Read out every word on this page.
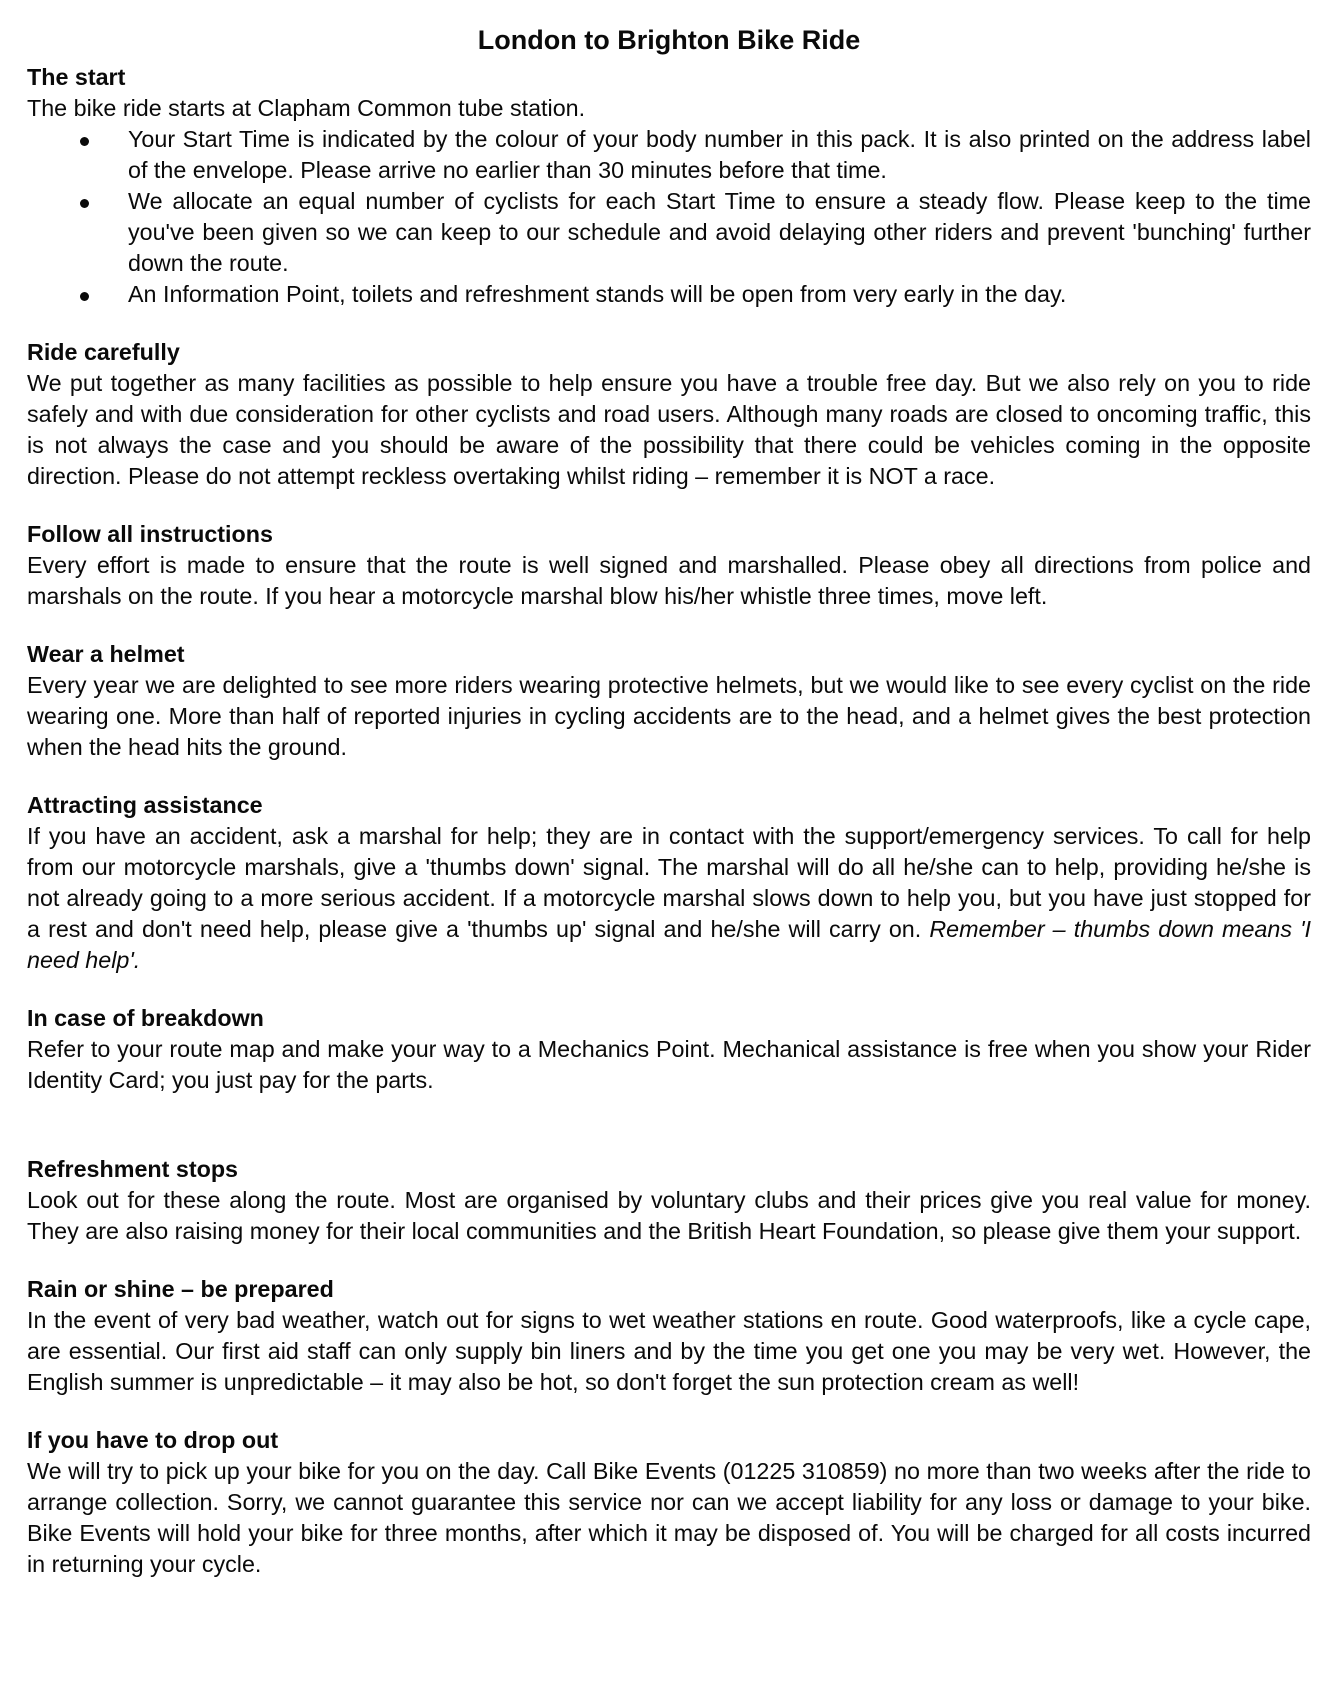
London to Brighton Bike Ride
The start

The bike ride starts at Clapham Common tube station.

Your Start Time is indicated by the colour of your body number in this pack. It is also printed on the address label of the envelope. Please arrive no earlier than 30 minutes before that time.
We allocate an equal number of cyclists for each Start Time to ensure a steady flow. Please keep to the time you've been given so we can keep to our schedule and avoid delaying other riders and prevent 'bunching' further down the route.
An Information Point, toilets and refreshment stands will be open from very early in the day.
Ride carefully

We put together as many facilities as possible to help ensure you have a trouble free day. But we also rely on you to ride safely and with due consideration for other cyclists and road users. Although many roads are closed to oncoming traffic, this is not always the case and you should be aware of the possibility that there could be vehicles coming in the opposite direction. Please do not attempt reckless overtaking whilst riding – remember it is NOT a race.

Follow all instructions

Every effort is made to ensure that the route is well signed and marshalled. Please obey all directions from police and marshals on the route. If you hear a motorcycle marshal blow his/her whistle three times, move left.

Wear a helmet

Every year we are delighted to see more riders wearing protective helmets, but we would like to see every cyclist on the ride wearing one. More than half of reported injuries in cycling accidents are to the head, and a helmet gives the best protection when the head hits the ground.

Attracting assistance

If you have an accident, ask a marshal for help; they are in contact with the support/emergency services. To call for help from our motorcycle marshals, give a 'thumbs down' signal. The marshal will do all he/she can to help, providing he/she is not already going to a more serious accident. If a motorcycle marshal slows down to help you, but you have just stopped for a rest and don't need help, please give a 'thumbs up' signal and he/she will carry on. Remember – thumbs down means 'I need help'.

In case of breakdown

Refer to your route map and make your way to a Mechanics Point. Mechanical assistance is free when you show your Rider Identity Card; you just pay for the parts.

Refreshment stops

Look out for these along the route. Most are organised by voluntary clubs and their prices give you real value for money. They are also raising money for their local communities and the British Heart Foundation, so please give them your support.

Rain or shine – be prepared

In the event of very bad weather, watch out for signs to wet weather stations en route. Good waterproofs, like a cycle cape, are essential. Our first aid staff can only supply bin liners and by the time you get one you may be very wet. However, the English summer is unpredictable – it may also be hot, so don't forget the sun protection cream as well!

If you have to drop out

We will try to pick up your bike for you on the day. Call Bike Events (01225 310859) no more than two weeks after the ride to arrange collection. Sorry, we cannot guarantee this service nor can we accept liability for any loss or damage to your bike. Bike Events will hold your bike for three months, after which it may be disposed of. You will be charged for all costs incurred in returning your cycle.
